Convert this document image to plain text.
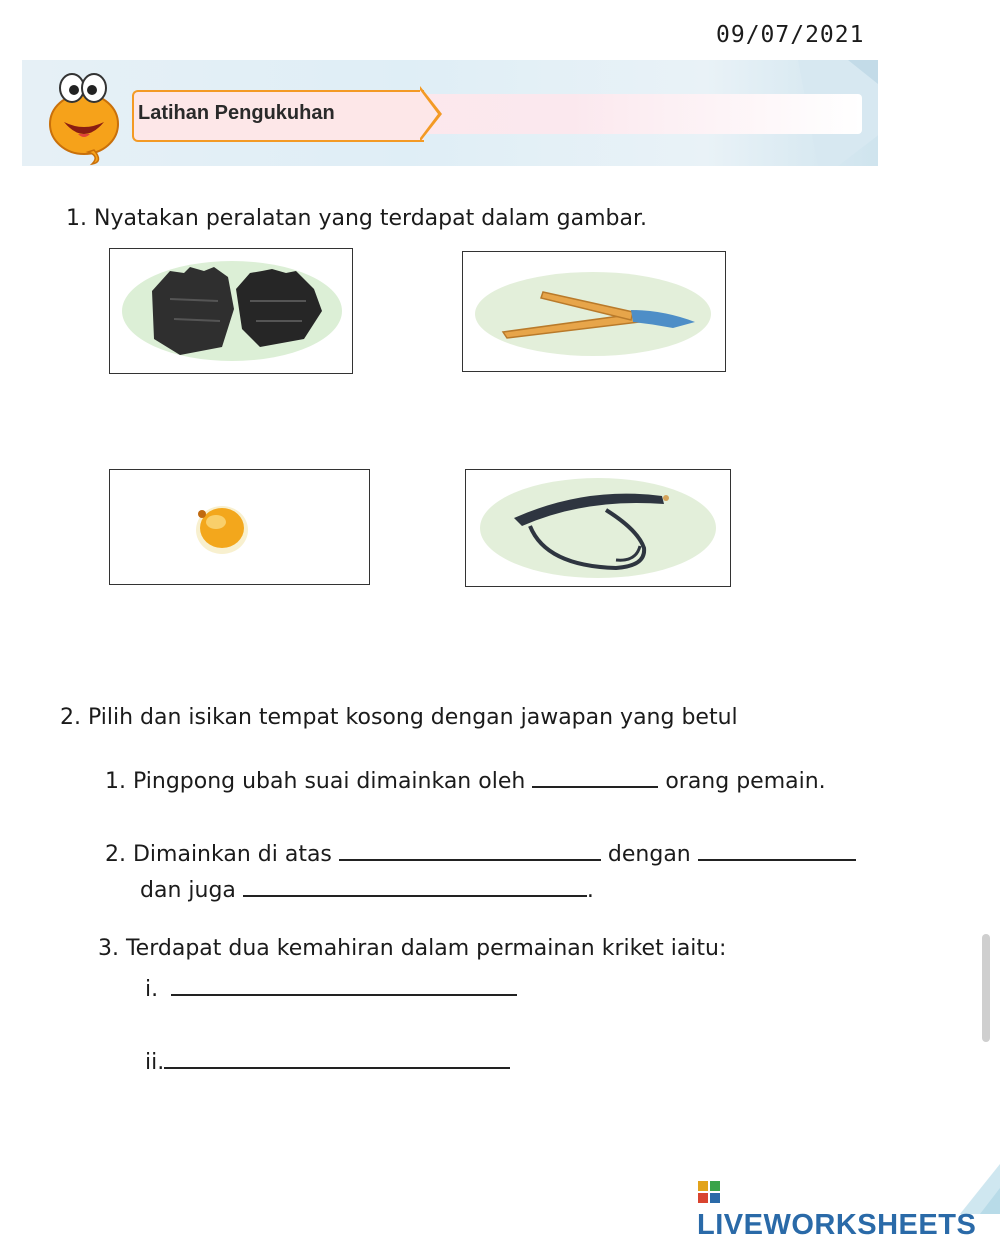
09/07/2021
Latihan Pengukuhan
1. Nyatakan peralatan yang terdapat dalam gambar.
2. Pilih dan isikan tempat kosong dengan jawapan yang betul
1. Pingpong ubah suai dimainkan oleh	orang pemain.
2. Dimainkan di atas	dengan
dan juga	.
3. Terdapat dua kemahiran dalam permainan kriket iaitu:
i.
ii.
LIVEWORKSHEETS
